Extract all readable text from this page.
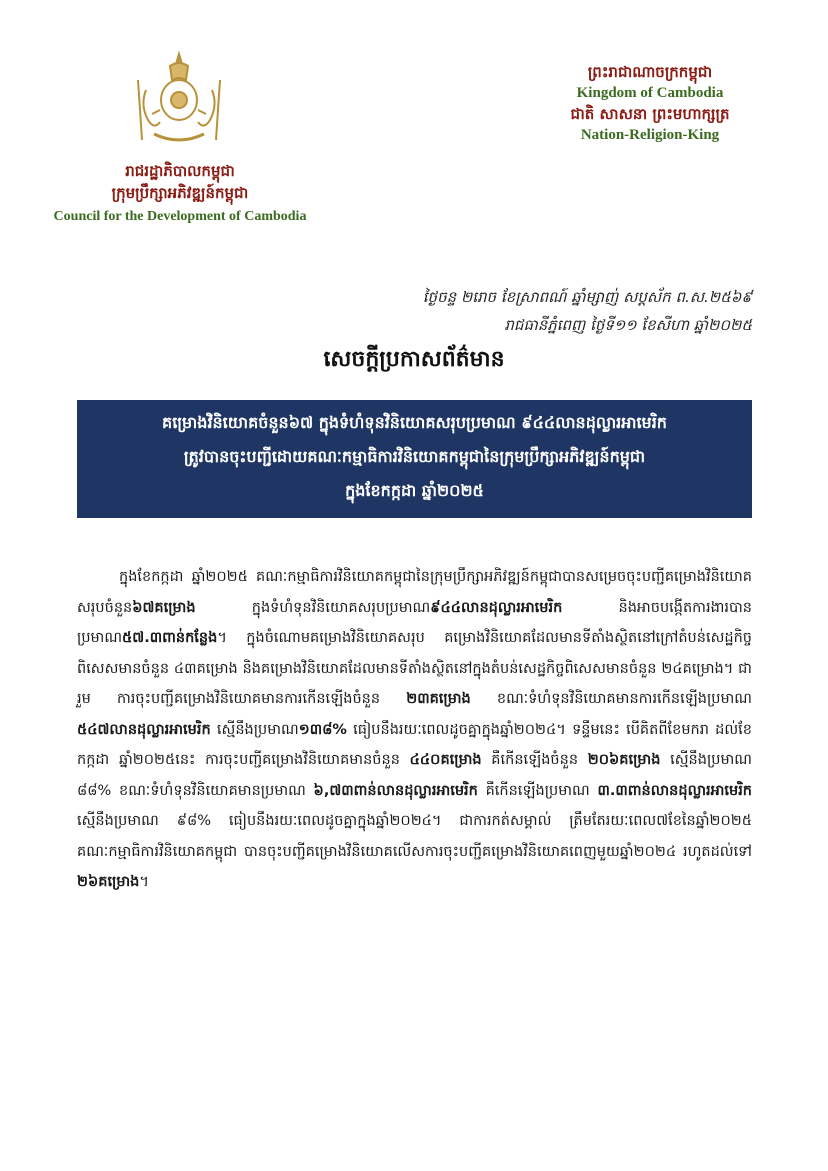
រាជរដ្ឋាភិបាលកម្ពុជា
ក្រុមប្រឹក្សាអភិវឌ្ឍន៍កម្ពុជា
Council for the Development of Cambodia
ព្រះរាជាណាចក្រកម្ពុជា
Kingdom of Cambodia
ជាតិ សាសនា ព្រះមហាក្សត្រ
Nation-Religion-King
ថ្ងៃចន្ទ ២រោច ខែស្រាពណ៍ ឆ្នាំម្សាញ់ សប្តស័ក ព.ស.២៥៦៩
រាជធានីភ្នំពេញ ថ្ងៃទី១១ ខែសីហា ឆ្នាំ២០២៥
សេចក្តីប្រកាសព័ត៌មាន
គម្រោងវិនិយោគចំនួន៦៧ ក្នុងទំហំទុនវិនិយោគសរុបប្រមាណ ៩៤៤លានដុល្លារអាមេរិក
ត្រូវបានចុះបញ្ជីដោយគណៈកម្មាធិការវិនិយោគកម្ពុជានៃក្រុមប្រឹក្សាអភិវឌ្ឍន៍កម្ពុជា
ក្នុងខែកក្កដា ឆ្នាំ២០២៥
ក្នុងខែកក្កដា ឆ្នាំ២០២៥ គណៈកម្មាធិការវិនិយោគកម្ពុជានៃក្រុមប្រឹក្សាអភិវឌ្ឍន៍កម្ពុជាបានសម្រេចចុះបញ្ជីគម្រោងវិនិយោគសរុបចំនួន៦៧គម្រោង ក្នុងទំហំទុនវិនិយោគសរុបប្រមាណ៩៤៤លានដុល្លារអាមេរិក និងអាចបង្កើតការងារបានប្រមាណ៥៧.៣ពាន់កន្លែង។ ក្នុងចំណោមគម្រោងវិនិយោគសរុប គម្រោងវិនិយោគដែលមានទីតាំងស្ថិតនៅក្រៅតំបន់សេដ្ឋកិច្ចពិសេសមានចំនួន ៤៣គម្រោង និងគម្រោងវិនិយោគដែលមានទីតាំងស្ថិតនៅក្នុងតំបន់សេដ្ឋកិច្ចពិសេសមានចំនួន ២៤គម្រោង។ ជារួម ការចុះបញ្ជីគម្រោងវិនិយោគមានការកើនឡើងចំនួន ២៣គម្រោង ខណៈទំហំទុនវិនិយោគមានការកើនឡើងប្រមាណ ៥៤៧លានដុល្លារអាមេរិក ស្មើនឹងប្រមាណ១៣៨% ធៀបនឹងរយៈពេលដូចគ្នាក្នុងឆ្នាំ២០២៤។ ទន្ទឹមនេះ បើគិតពីខែមករា ដល់ខែកក្កដា ឆ្នាំ២០២៥នេះ ការចុះបញ្ជីគម្រោងវិនិយោគមានចំនួន ៤៤០គម្រោង គឺកើនឡើងចំនួន ២០៦គម្រោង ស្មើនឹងប្រមាណ ៨៨% ខណៈទំហំទុនវិនិយោគមានប្រមាណ ៦,៧៣ពាន់លានដុល្លារអាមេរិក គឺកើនឡើងប្រមាណ ៣.៣ពាន់លានដុល្លារអាមេរិក ស្មើនឹងប្រមាណ ៩៨% ធៀបនឹងរយៈពេលដូចគ្នាក្នុងឆ្នាំ២០២៤។ ជាការកត់សម្គាល់ ត្រឹមតែរយៈពេល៧ខែនៃឆ្នាំ២០២៥ គណៈកម្មាធិការវិនិយោគកម្ពុជា បានចុះបញ្ជីគម្រោងវិនិយោគលើសការចុះបញ្ជីគម្រោងវិនិយោគពេញមួយឆ្នាំ២០២៤ រហូតដល់ទៅ ២៦គម្រោង។
